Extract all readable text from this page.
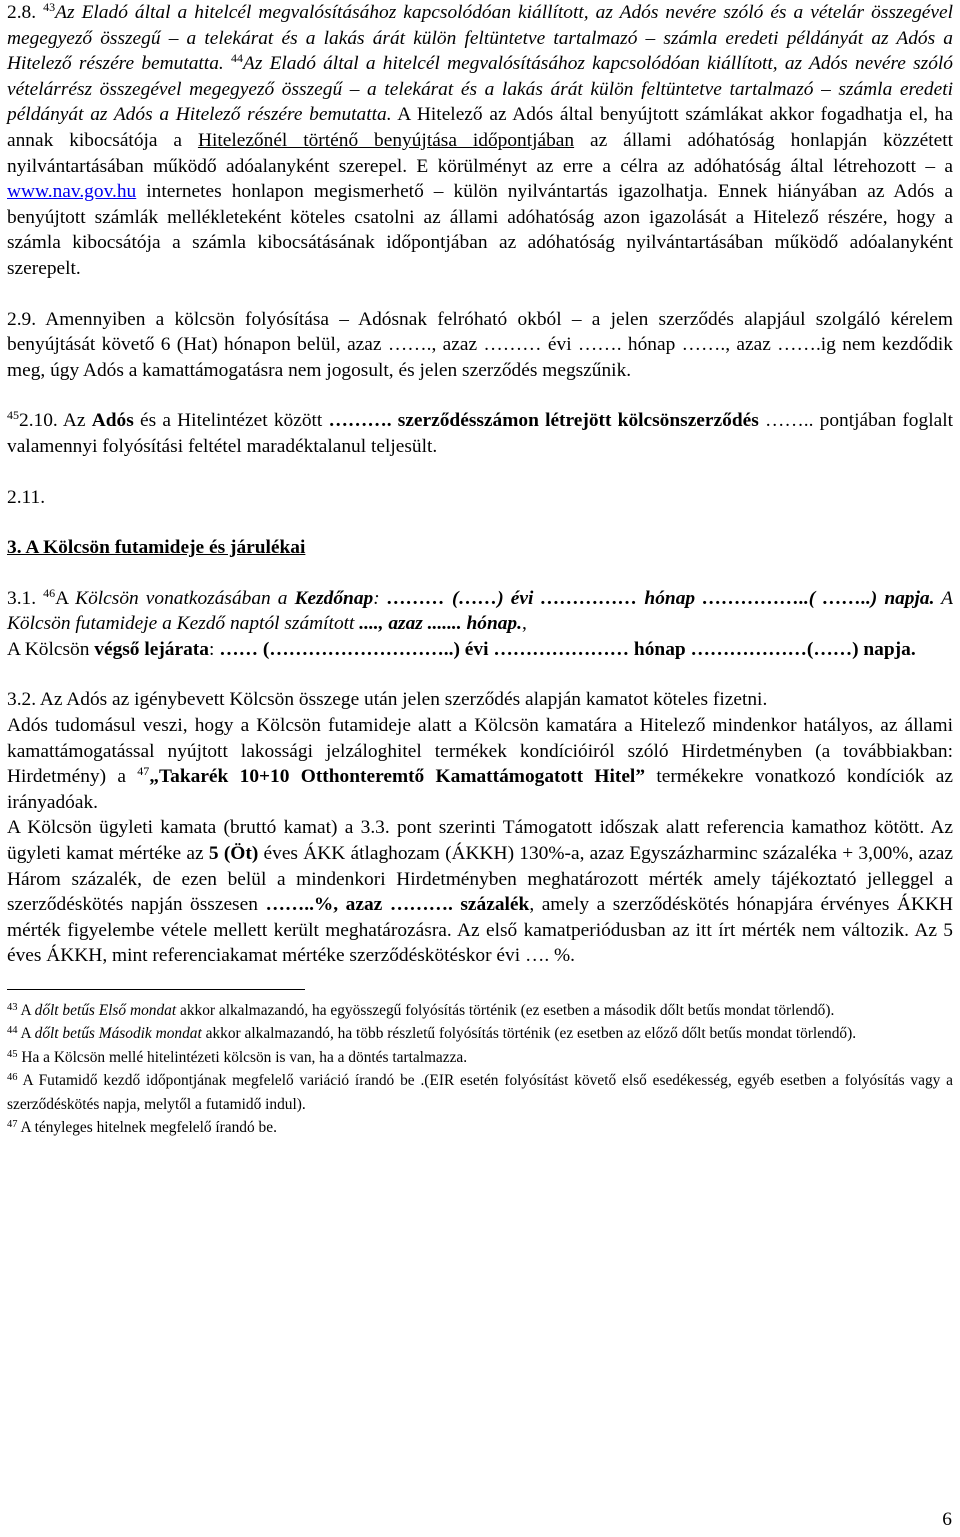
2.8. $^{43}$Az Eladó által a hitelcél megvalósításához kapcsolódóan kiállított, az Adós nevére szóló és a vételár összegével megegyező összegű – a telekárat és a lakás árát külön feltüntetve tartalmazó – számla eredeti példányát az Adós a Hitelező részére bemutatta. $^{44}$Az Eladó által a hitelcél megvalósításához kapcsolódóan kiállított, az Adós nevére szóló vételárrész összegével megegyező összegű – a telekárat és a lakás árát külön feltüntetve tartalmazó – számla eredeti példányát az Adós a Hitelező részére bemutatta. A Hitelező az Adós által benyújtott számlákat akkor fogadhatja el, ha annak kibocsátója a Hitelezőnél történő benyújtása időpontjában az állami adóhatóság honlapján közzétett nyilvántartásában működő adóalanyként szerepel. E körülményt az erre a célra az adóhatóság által létrehozott – a www.nav.gov.hu internetes honlapon megismerhető – külön nyilvántartás igazolhatja. Ennek hiányában az Adós a benyújtott számlák mellékleteként köteles csatolni az állami adóhatóság azon igazolását a Hitelező részére, hogy a számla kibocsátója a számla kibocsátásának időpontjában az adóhatóság nyilvántartásában működő adóalanyként szerepelt.

2.9. Amennyiben a kölcsön folyósítása – Adósnak felróható okból – a jelen szerződés alapjául szolgáló kérelem benyújtását követő 6 (Hat) hónapon belül, azaz ……., azaz ……… évi ……. hónap ……., azaz …….ig nem kezdődik meg, úgy Adós a kamattámogatásra nem jogosult, és jelen szerződés megszűnik.

$^{45}$2.10. Az Adós és a Hitelintézet között ………. szerződésszámon létrejött kölcsönszerződés …….. pontjában foglalt valamennyi folyósítási feltétel maradéktalanul teljesült.

2.11.

3. A Kölcsön futamideje és járulékai

3.1. $^{46}$A Kölcsön vonatkozásában a Kezdőnap: ……… (……) évi …………… hónap ……………..( ……..) napja. A Kölcsön futamideje a Kezdő naptól számított ...., azaz ....... hónap.,

A Kölcsön végső lejárata: …… (………………………..) évi ………………… hónap ………………(……) napja.

3.2. Az Adós az igénybevett Kölcsön összege után jelen szerződés alapján kamatot köteles fizetni.

Adós tudomásul veszi, hogy a Kölcsön futamideje alatt a Kölcsön kamatára a Hitelező mindenkor hatályos, az állami kamattámogatással nyújtott lakossági jelzáloghitel termékek kondícióiról szóló Hirdetményben (a továbbiakban: Hirdetmény) a $^{47}$„Takarék 10+10 Otthonteremtő Kamattámogatott Hitel” termékekre vonatkozó kondíciók az irányadóak.

A Kölcsön ügyleti kamata (bruttó kamat) a 3.3. pont szerinti Támogatott időszak alatt referencia kamathoz kötött. Az ügyleti kamat mértéke az 5 (Öt) éves ÁKK átlaghozam (ÁKKH) 130%-a, azaz Egyszázharminc százaléka + 3,00%, azaz Három százalék, de ezen belül a mindenkori Hirdetményben meghatározott mérték amely tájékoztató jelleggel a szerződéskötés napján összesen ……..%, azaz ………. százalék, amely a szerződéskötés hónapjára érvényes ÁKKH mérték figyelembe vétele mellett került meghatározásra. Az első kamatperiódusban az itt írt mérték nem változik. Az 5 éves ÁKKH, mint referenciakamat mértéke szerződéskötéskor évi …. %.

$^{43}$ A dőlt betűs Első mondat akkor alkalmazandó, ha egyösszegű folyósítás történik (ez esetben a második dőlt betűs mondat törlendő).

$^{44}$ A dőlt betűs Második mondat akkor alkalmazandó, ha több részletű folyósítás történik (ez esetben az előző dőlt betűs mondat törlendő).

$^{45}$ Ha a Kölcsön mellé hitelintézeti kölcsön is van, ha a döntés tartalmazza.

$^{46}$ A Futamidő kezdő időpontjának megfelelő variáció írandó be .(EIR esetén folyósítást követő első esedékesség, egyéb esetben a folyósítás vagy a szerződéskötés napja, melytől a futamidő indul).

$^{47}$ A tényleges hitelnek megfelelő írandó be.

6
